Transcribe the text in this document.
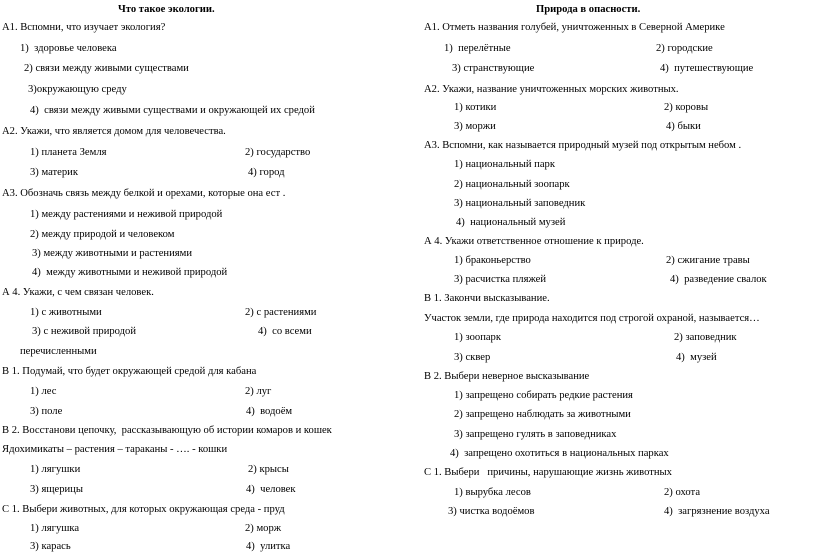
Что такое экологии.
А1. Вспомни, что изучает экология?
1)  здоровье человека
2) связи между живыми существами
3)окружающую среду
4)  связи между живыми существами и окружающей их средой
А2. Укажи, что является домом для человечества.
1) планета Земля	2) государство
3) материк	4) город
А3. Обозначь связь между белкой и орехами, которые она ест .
1) между растениями и неживой природой
2) между природой и человеком
3) между животными и растениями
4)  между животными и неживой природой
А 4. Укажи, с чем связан человек.
1) с животными	2) с растениями
3) с неживой природой	4)  со всеми
перечисленными
В 1. Подумай, что будет окружающей средой для кабана
1) лес	2) луг
3) поле	4)  водоём
В 2. Восстанови цепочку,  рассказывающую об истории комаров и кошек
Ядохимикаты – растения – тараканы - …. - кошки
1) лягушки	2) крысы
3) ящерицы	4)  человек
С 1. Выбери животных, для которых окружающая среда - пруд
1) лягушка	2) морж
3) карась	4)  улитка
Природа в опасности.
А1. Отметь названия голубей, уничтоженных в Северной Америке
1)  перелётные	2) городские
3) странствующие	4)  путешествующие
А2. Укажи, название уничтоженных морских животных.
1) котики	2) коровы
3) моржи	4) быки
А3. Вспомни, как называется природный музей под открытым небом .
1) национальный парк
2) национальный зоопарк
3) национальный заповедник
4)  национальный музей
А 4. Укажи ответственное отношение к природе.
1) браконьерство	2) сжигание травы
3) расчистка пляжей	4)  разведение свалок
В 1. Закончи высказывание.
Участок земли, где природа находится под строгой охраной, называется…
1) зоопарк	2) заповедник
3) сквер	4)  музей
В 2. Выбери неверное высказывание
1) запрещено собирать редкие растения
2) запрещено наблюдать за животными
3) запрещено гулять в заповедниках
4)  запрещено охотиться в национальных парках
С 1. Выбери   причины, нарушающие жизнь животных
1) вырубка лесов	2) охота
3) чистка водоёмов	4)  загрязнение воздуха
